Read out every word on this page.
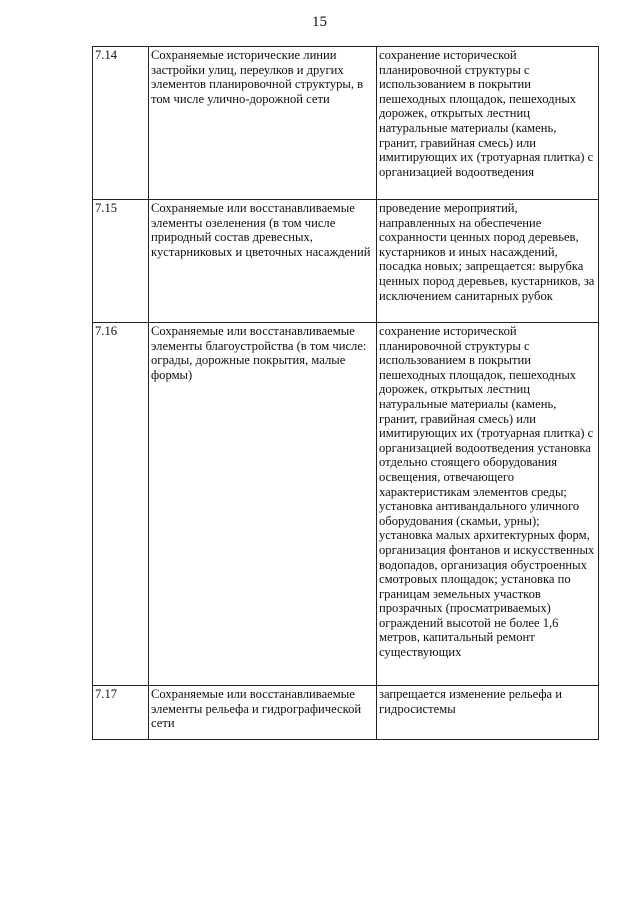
15
7.14	Сохраняемые исторические линии застройки улиц, переулков и других элементов планировочной структуры, в том числе улично-дорожной сети	сохранение исторической планировочной структуры с использованием в покрытии пешеходных площадок, пешеходных дорожек, открытых лестниц натуральные материалы (камень, гранит, гравийная смесь) или имитирующих их (тротуарная плитка) с организацией водоотведения

7.15	Сохраняемые или восстанавливаемые элементы озеленения (в том числе природный состав древесных, кустарниковых и цветочных насаждений	проведение мероприятий, направленных на обеспечение сохранности ценных пород деревьев, кустарников и иных насаждений, посадка новых; запрещается: вырубка ценных пород деревьев, кустарников, за исключением санитарных рубок

7.16	Сохраняемые или восстанавливаемые элементы благоустройства (в том числе: ограды, дорожные покрытия, малые формы)	сохранение исторической планировочной структуры с использованием в покрытии пешеходных площадок, пешеходных дорожек, открытых лестниц натуральные материалы (камень, гранит, гравийная смесь) или имитирующих их (тротуарная плитка) с организацией водоотведения установка отдельно стоящего оборудования освещения, отвечающего характеристикам элементов среды; установка антивандального уличного оборудования (скамьи, урны); установка малых архитектурных форм, организация фонтанов и искусственных водопадов, организация обустроенных смотровых площадок; установка по границам земельных участков прозрачных (просматриваемых) ограждений высотой не более 1,6 метров, капитальный ремонт существующих

7.17	Сохраняемые или восстанавливаемые элементы рельефа и гидрографической сети	запрещается изменение рельефа и гидросистемы
